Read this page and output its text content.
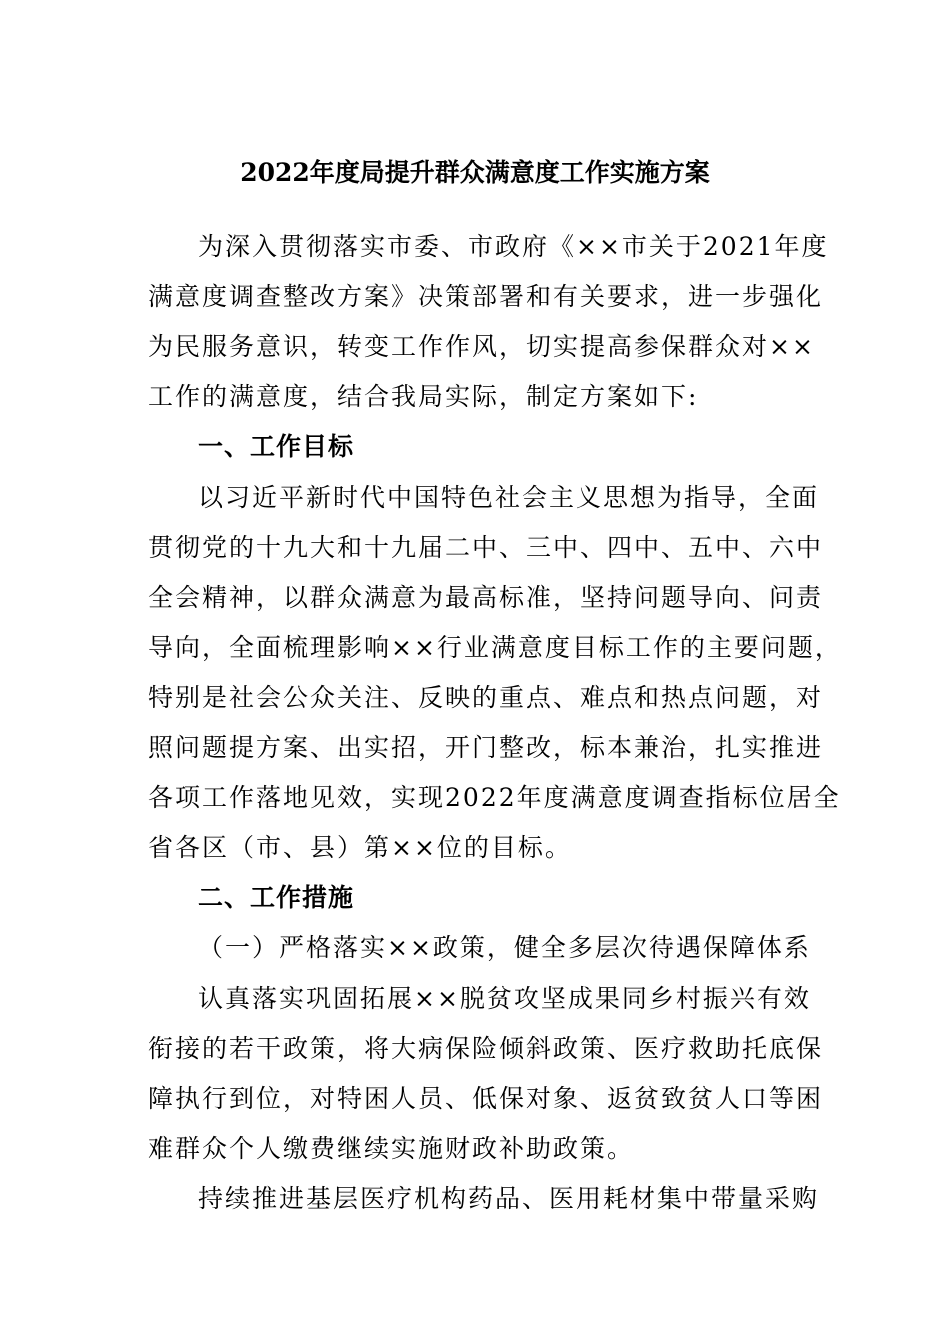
2022年度局提升群众满意度工作实施方案
为深入贯彻落实市委、市政府《××市关于2021年度
满意度调查整改方案》决策部署和有关要求，进一步强化
为民服务意识，转变工作作风，切实提高参保群众对××
工作的满意度，结合我局实际，制定方案如下:
一、工作目标
以习近平新时代中国特色社会主义思想为指导，全面
贯彻党的十九大和十九届二中、三中、四中、五中、六中
全会精神，以群众满意为最高标准，坚持问题导向、问责
导向，全面梳理影响××行业满意度目标工作的主要问题，
特别是社会公众关注、反映的重点、难点和热点问题，对
照问题提方案、出实招，开门整改，标本兼治，扎实推进
各项工作落地见效，实现2022年度满意度调查指标位居全
省各区（市、县）第××位的目标。
二、工作措施
（一）严格落实××政策，健全多层次待遇保障体系
认真落实巩固拓展××脱贫攻坚成果同乡村振兴有效
衔接的若干政策，将大病保险倾斜政策、医疗救助托底保
障执行到位，对特困人员、低保对象、返贫致贫人口等困
难群众个人缴费继续实施财政补助政策。
持续推进基层医疗机构药品、医用耗材集中带量采购
